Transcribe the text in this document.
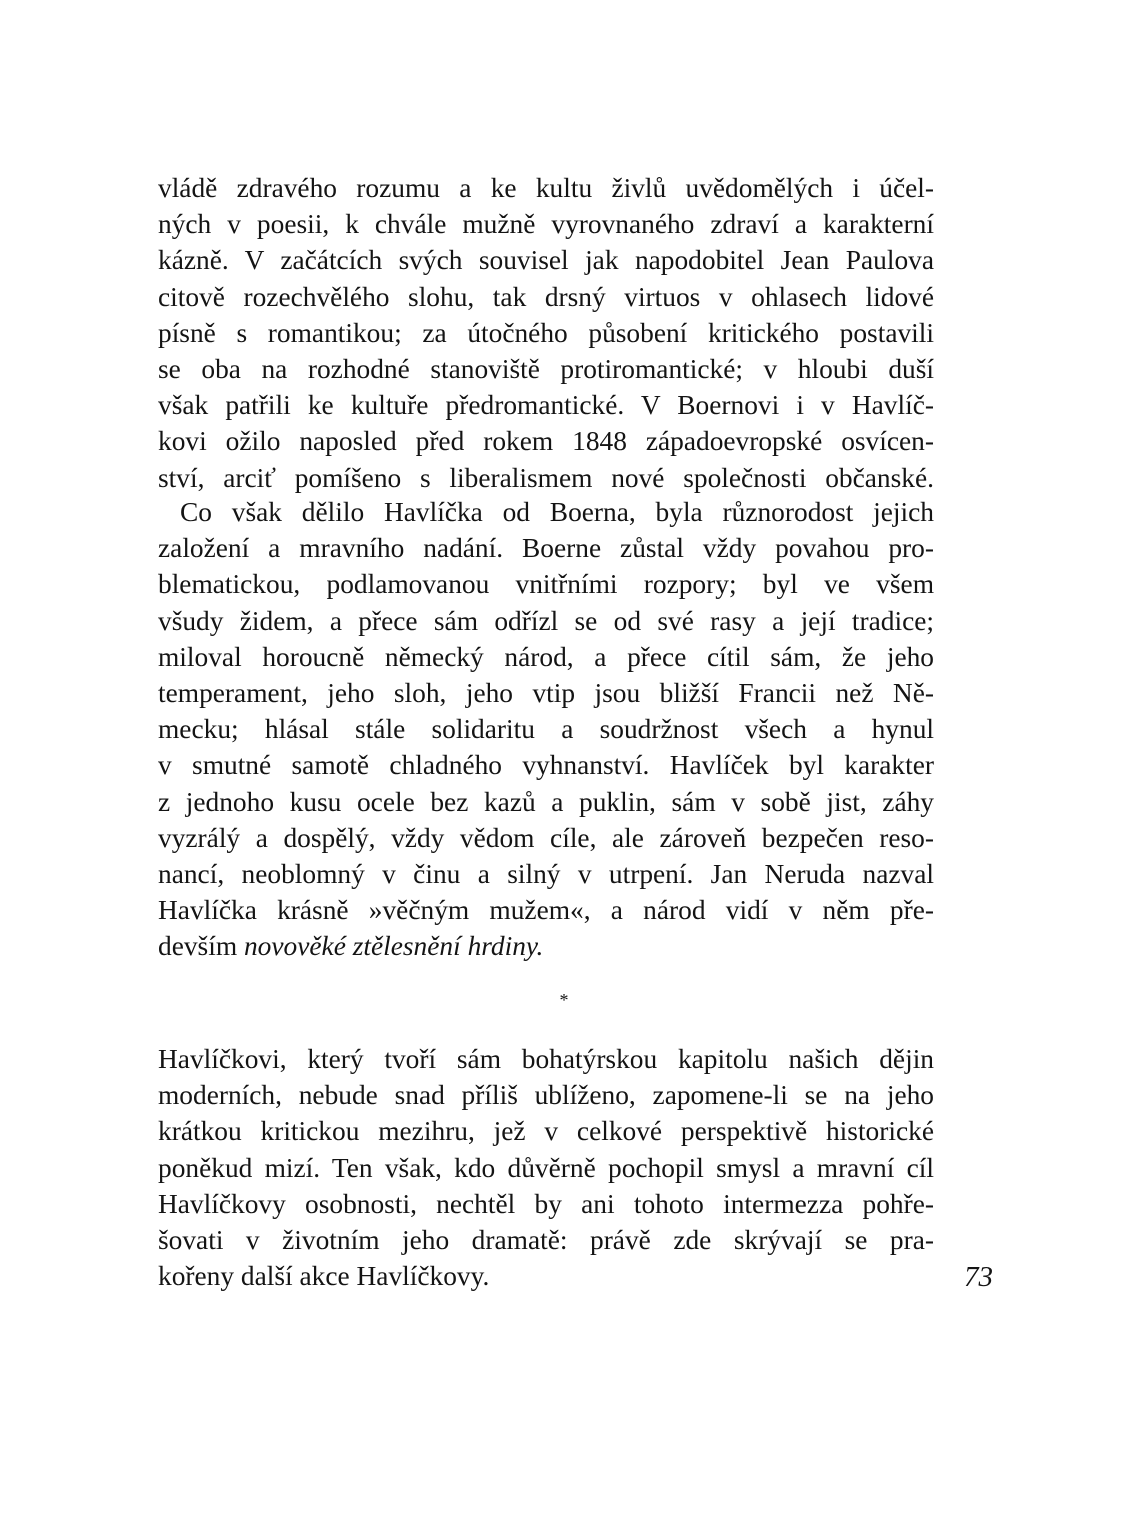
vládě zdravého rozumu a ke kultu živlů uvědomělých i účel-
ných v poesii, k chvále mužně vyrovnaného zdraví a karakterní
kázně. V začátcích svých souvisel jak napodobitel Jean Paulova
citově rozechvělého slohu, tak drsný virtuos v ohlasech lidové
písně s romantikou; za útočného působení kritického postavili
se oba na rozhodné stanoviště protiromantické; v hloubi duší
však patřili ke kultuře předromantické. V Boernovi i v Havlíč-
kovi ožilo naposled před rokem 1848 západoevropské osvícen-
ství, arciť pomíšeno s liberalismem nové společnosti občanské.
Co však dělilo Havlíčka od Boerna, byla různorodost jejich
založení a mravního nadání. Boerne zůstal vždy povahou pro-
blematickou, podlamovanou vnitřními rozpory; byl ve všem
všudy židem, a přece sám odřízl se od své rasy a její tradice;
miloval horoucně německý národ, a přece cítil sám, že jeho
temperament, jeho sloh, jeho vtip jsou bližší Francii než Ně-
mecku; hlásal stále solidaritu a soudržnost všech a hynul
v smutné samotě chladného vyhnanství. Havlíček byl karakter
z jednoho kusu ocele bez kazů a puklin, sám v sobě jist, záhy
vyzrálý a dospělý, vždy vědom cíle, ale zároveň bezpečen reso-
nancí, neoblomný v činu a silný v utrpení. Jan Neruda nazval
Havlíčka krásně »věčným mužem«, a národ vidí v něm pře-
devším novověké ztělesnění hrdiny.
*
Havlíčkovi, který tvoří sám bohatýrskou kapitolu našich dějin
moderních, nebude snad příliš ublíženo, zapomene-li se na jeho
krátkou kritickou mezihru, jež v celkové perspektivě historické
poněkud mizí. Ten však, kdo důvěrně pochopil smysl a mravní cíl
Havlíčkovy osobnosti, nechtěl by ani tohoto intermezza pohře-
šovati v životním jeho dramatě: právě zde skrývají se pra-
kořeny další akce Havlíčkovy.	73
